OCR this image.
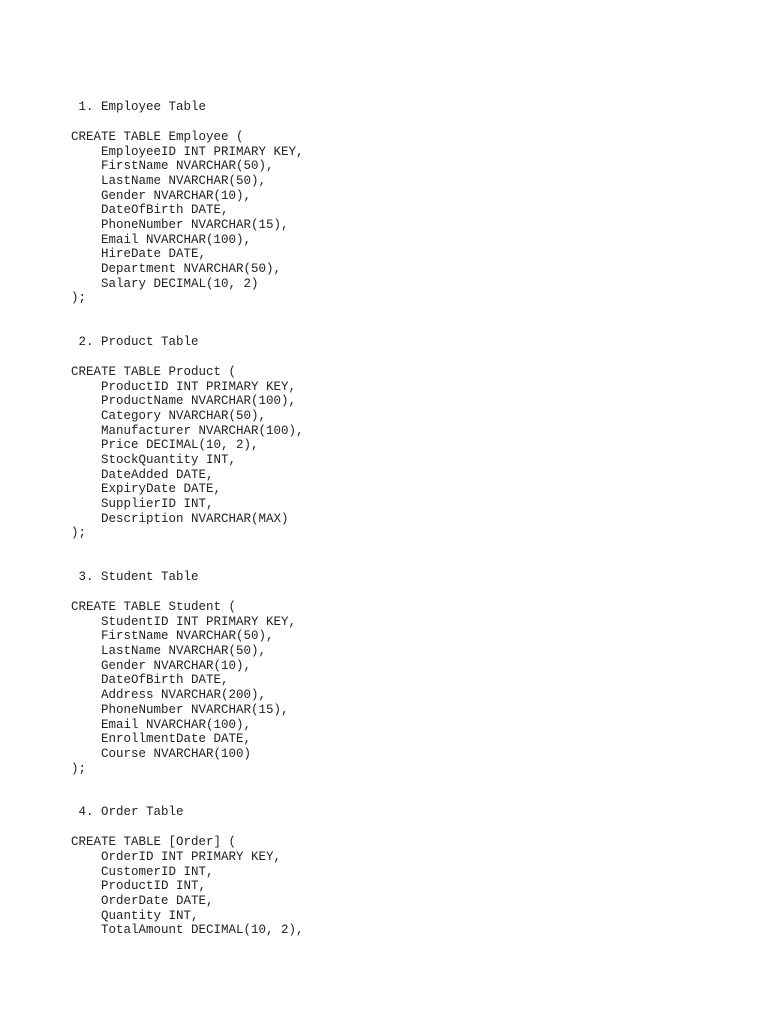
1. Employee Table
CREATE TABLE Employee (
EmployeeID INT PRIMARY KEY,
FirstName NVARCHAR(50),
LastName NVARCHAR(50),
Gender NVARCHAR(10),
DateOfBirth DATE,
PhoneNumber NVARCHAR(15),
Email NVARCHAR(100),
HireDate DATE,
Department NVARCHAR(50),
Salary DECIMAL(10, 2)
);
2. Product Table
CREATE TABLE Product (
ProductID INT PRIMARY KEY,
ProductName NVARCHAR(100),
Category NVARCHAR(50),
Manufacturer NVARCHAR(100),
Price DECIMAL(10, 2),
StockQuantity INT,
DateAdded DATE,
ExpiryDate DATE,
SupplierID INT,
Description NVARCHAR(MAX)
);
3. Student Table
CREATE TABLE Student (
StudentID INT PRIMARY KEY,
FirstName NVARCHAR(50),
LastName NVARCHAR(50),
Gender NVARCHAR(10),
DateOfBirth DATE,
Address NVARCHAR(200),
PhoneNumber NVARCHAR(15),
Email NVARCHAR(100),
EnrollmentDate DATE,
Course NVARCHAR(100)
);
4. Order Table
CREATE TABLE [Order] (
OrderID INT PRIMARY KEY,
CustomerID INT,
ProductID INT,
OrderDate DATE,
Quantity INT,
TotalAmount DECIMAL(10, 2),
